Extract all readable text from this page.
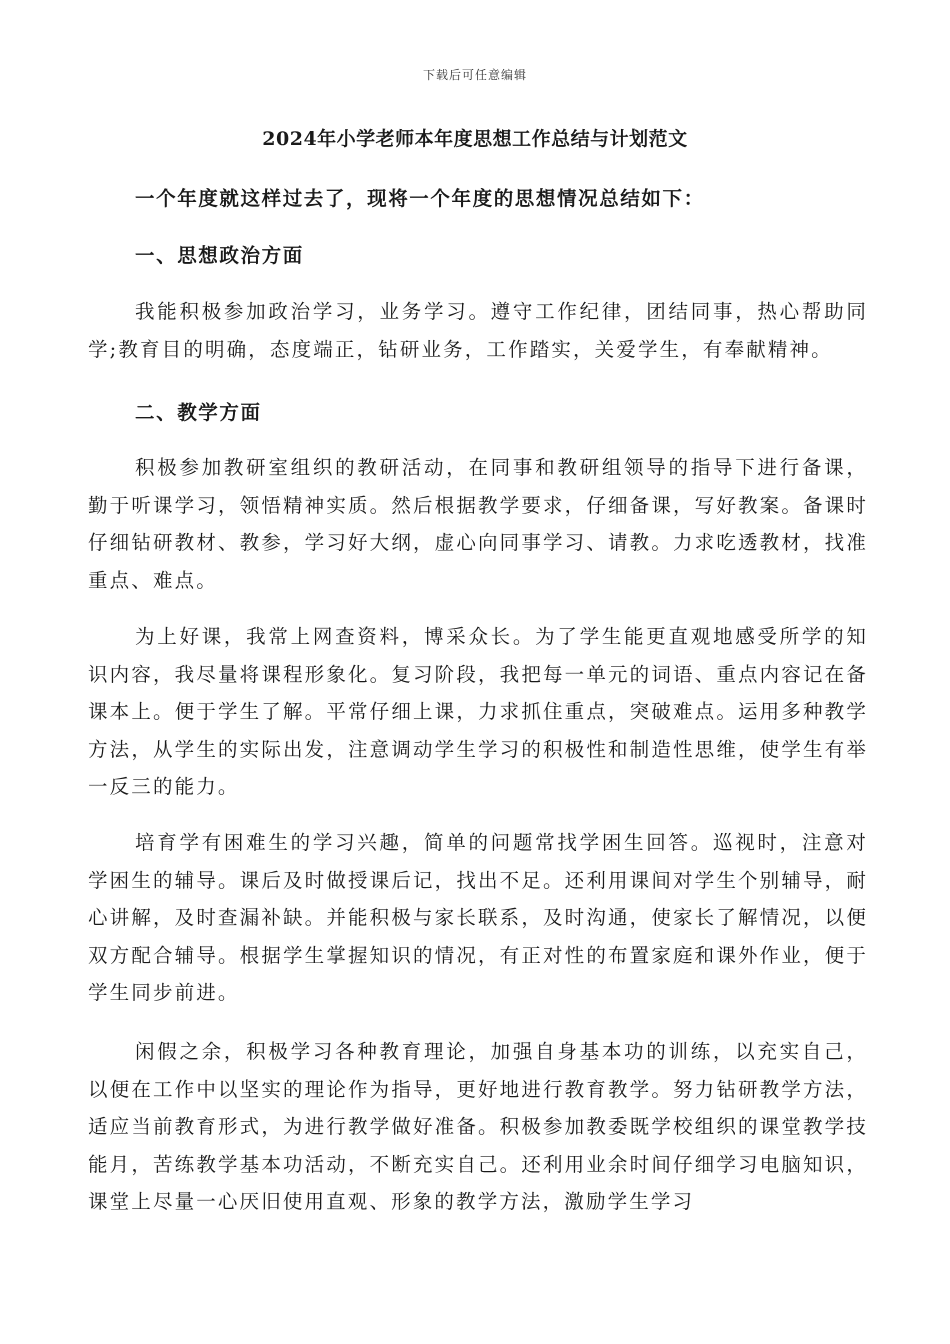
下载后可任意编辑
2024年小学老师本年度思想工作总结与计划范文
一个年度就这样过去了，现将一个年度的思想情况总结如下：
一、思想政治方面
我能积极参加政治学习，业务学习。遵守工作纪律，团结同事，热心帮助同学;教育目的明确，态度端正，钻研业务，工作踏实，关爱学生，有奉献精神。
二、教学方面
积极参加教研室组织的教研活动，在同事和教研组领导的指导下进行备课，勤于听课学习，领悟精神实质。然后根据教学要求，仔细备课，写好教案。备课时仔细钻研教材、教参，学习好大纲，虚心向同事学习、请教。力求吃透教材，找准重点、难点。
为上好课，我常上网查资料，博采众长。为了学生能更直观地感受所学的知识内容，我尽量将课程形象化。复习阶段，我把每一单元的词语、重点内容记在备课本上。便于学生了解。平常仔细上课，力求抓住重点，突破难点。运用多种教学方法，从学生的实际出发，注意调动学生学习的积极性和制造性思维，使学生有举一反三的能力。
培育学有困难生的学习兴趣，简单的问题常找学困生回答。巡视时，注意对学困生的辅导。课后及时做授课后记，找出不足。还利用课间对学生个别辅导，耐心讲解，及时查漏补缺。并能积极与家长联系，及时沟通，使家长了解情况，以便双方配合辅导。根据学生掌握知识的情况，有正对性的布置家庭和课外作业，便于学生同步前进。
闲假之余，积极学习各种教育理论，加强自身基本功的训练，以充实自己，以便在工作中以坚实的理论作为指导，更好地进行教育教学。努力钻研教学方法，适应当前教育形式，为进行教学做好准备。积极参加教委既学校组织的课堂教学技能月，苦练教学基本功活动，不断充实自己。还利用业余时间仔细学习电脑知识，课堂上尽量一心厌旧使用直观、形象的教学方法，激励学生学习
